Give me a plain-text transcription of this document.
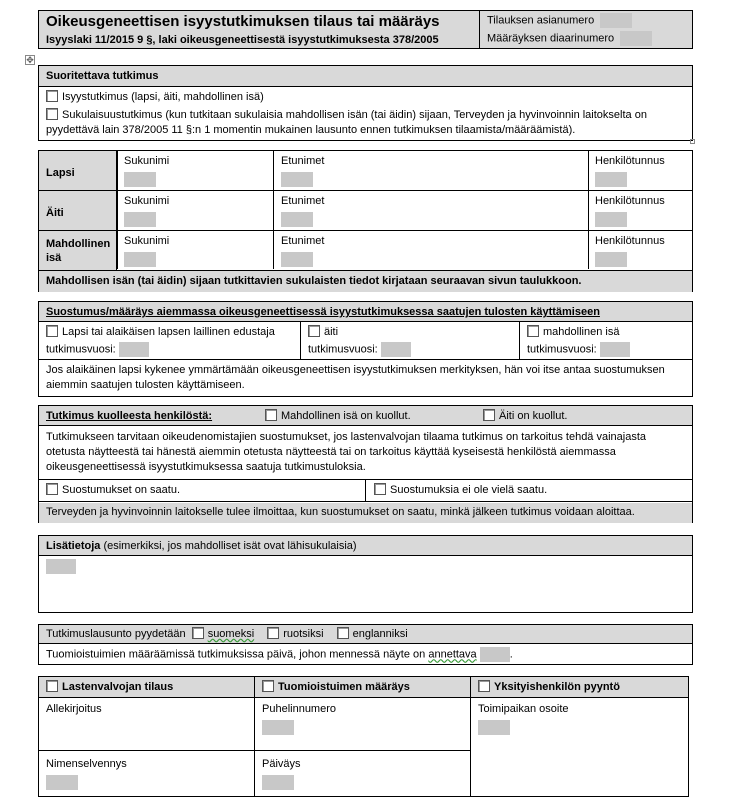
Oikeusgeneettisen isyystutkimuksen tilaus tai määräys
Isyyslaki 11/2015 9 §, laki oikeusgeneettisestä isyystutkimuksesta 378/2005
Tilauksen asianumero
Määräyksen diaarinumero
✥
Suoritettava tutkimus
Isyystutkimus (lapsi, äiti, mahdollinen isä)
Sukulaisuustutkimus (kun tutkitaan sukulaisia mahdollisen isän (tai äidin) sijaan, Terveyden ja hyvinvoinnin laitokselta on
pyydettävä lain 378/2005 11 §:n 1 momentin mukainen lausunto ennen tutkimuksen tilaamista/määräämistä).
Lapsi
Sukunimi	Etunimet	Henkilötunnus
Äiti
Sukunimi	Etunimet	Henkilötunnus
Mahdollinen
isä
Sukunimi	Etunimet	Henkilötunnus
Mahdollisen isän (tai äidin) sijaan tutkittavien sukulaisten tiedot kirjataan seuraavan sivun taulukkoon.
Suostumus/määräys aiemmassa oikeusgeneettisessä isyystutkimuksessa saatujen tulosten käyttämiseen
Lapsi tai alaikäisen lapsen laillinen edustaja
tutkimusvuosi:
äiti
tutkimusvuosi:
mahdollinen isä
tutkimusvuosi:
Jos alaikäinen lapsi kykenee ymmärtämään oikeusgeneettisen isyystutkimuksen merkityksen, hän voi itse antaa suostumuksen
aiemmin saatujen tulosten käyttämiseen.
Tutkimus kuolleesta henkilöstä:	Mahdollinen isä on kuollut.	Äiti on kuollut.
Tutkimukseen tarvitaan oikeudenomistajien suostumukset, jos lastenvalvojan tilaama tutkimus on tarkoitus tehdä vainajasta
otetusta näytteestä tai hänestä aiemmin otetusta näytteestä tai on tarkoitus käyttää kyseisestä henkilöstä aiemmassa
oikeusgeneettisessä isyystutkimuksessa saatuja tutkimustuloksia.
Suostumukset on saatu.	Suostumuksia ei ole vielä saatu.
Terveyden ja hyvinvoinnin laitokselle tulee ilmoittaa, kun suostumukset on saatu, minkä jälkeen tutkimus voidaan aloittaa.
Lisätietoja (esimerkiksi, jos mahdolliset isät ovat lähisukulaisia)
Tutkimuslausunto pyydetään suomeksi	ruotsiksi	englanniksi
Tuomioistuimien määräämissä tutkimuksissa päivä, johon mennessä näyte on annettava	.
Lastenvalvojan tilaus	Tuomioistuimen määräys	Yksityishenkilön pyyntö
Allekirjoitus	Puhelinnumero	Toimipaikan osoite
Nimenselvennys	Päiväys
